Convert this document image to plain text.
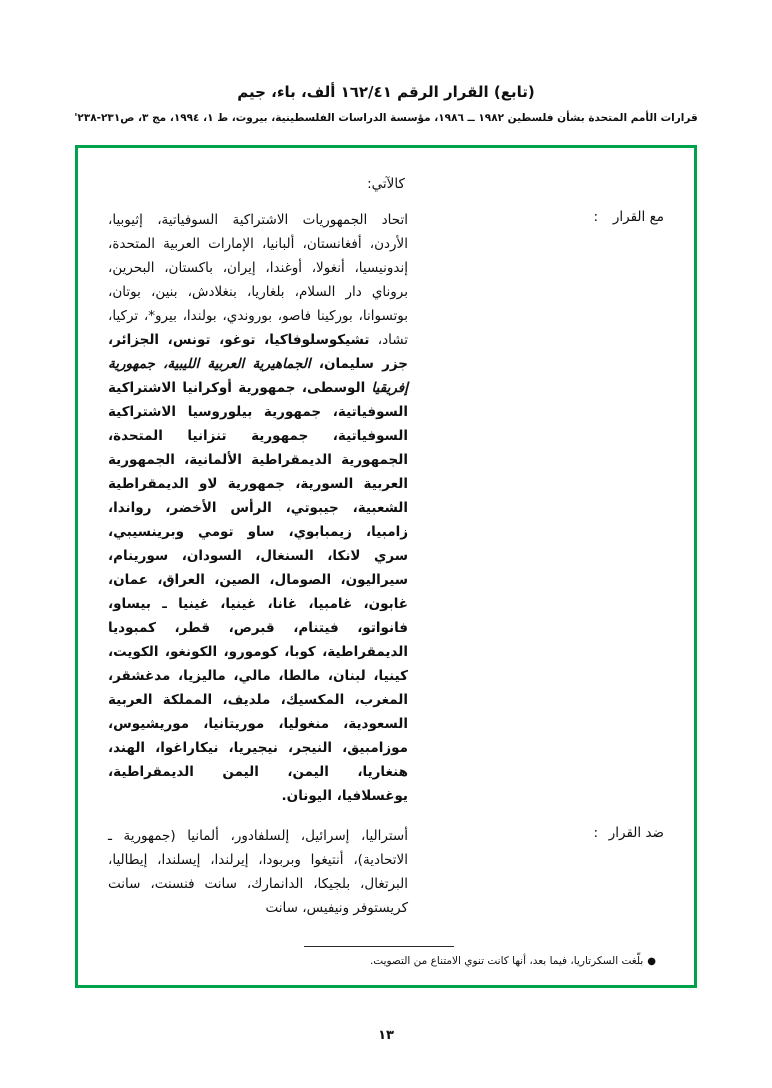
(تابع) القرار الرقم ١٦٢/٤١ ألف، باء، جيم
قرارات الأمم المتحدة بشأن فلسطين ١٩٨٢ ــ ١٩٨٦، مؤسسة الدراسات الفلسطينية، بيروت، ط ١، ١٩٩٤، مج ٣، ص٢٣١-٢٣٨'
كالآتي:
مع القرار
:
اتحاد الجمهوريات الاشتراكية السوفياتية، إثيوبيا، الأردن، أفغانستان، ألبانيا، الإمارات العربية المتحدة، إندونيسيا، أنغولا، أوغندا، إيران، باكستان، البحرين، بروناي دار السلام، بلغاريا، بنغلادش، بنين، بوتان، بوتسوانا، بوركينا فاصو، بوروندي، بولندا، بيرو*، تركيا، تشاد، تشيكوسلوفاكيا، توغو، تونس، الجزائر، جزر سليمان، الجماهيرية العربية الليبية، جمهورية إفريقيا الوسطى، جمهورية أوكرانيا الاشتراكية السوفياتية، جمهورية بيلوروسيا الاشتراكية السوفياتية، جمهورية تنزانيا المتحدة، الجمهورية الديمقراطية الألمانية، الجمهورية العربية السورية، جمهورية لاو الديمقراطية الشعبية، جيبوتي، الرأس الأخضر، رواندا، زامبيا، زيمبابوي، ساو تومي وبرينسيبي، سري لانكا، السنغال، السودان، سورينام، سيراليون، الصومال، الصين، العراق، عمان، غابون، غامبيا، غانا، غينيا، غينيا ـ بيساو، فانواتو، فيتنام، قبرص، قطر، كمبوديا الديمقراطية، كوبا، كومورو، الكونغو، الكويت، كينيا، لبنان، مالطا، مالي، ماليزيا، مدغشقر، المغرب، المكسيك، ملديف، المملكة العربية السعودية، منغوليا، موريتانيا، موريشيوس، موزامبيق، النيجر، نيجيريا، نيكاراغوا، الهند، هنغاريا، اليمن، اليمن الديمقراطية، يوغسلافيا، اليونان.
ضد القرار
:
أستراليا، إسرائيل، إلسلفادور، ألمانيا (جمهورية ـ الاتحادية)، أنتيغوا وبربودا، إيرلندا، إيسلندا، إيطاليا، البرتغال، بلجيكا، الدانمارك، سانت فنسنت، سانت كريستوفر ونيفيس، سانت
●بلّغت السكرتاريا، فيما بعد، أنها كانت تنوي الامتناع من التصويت.
١٣
